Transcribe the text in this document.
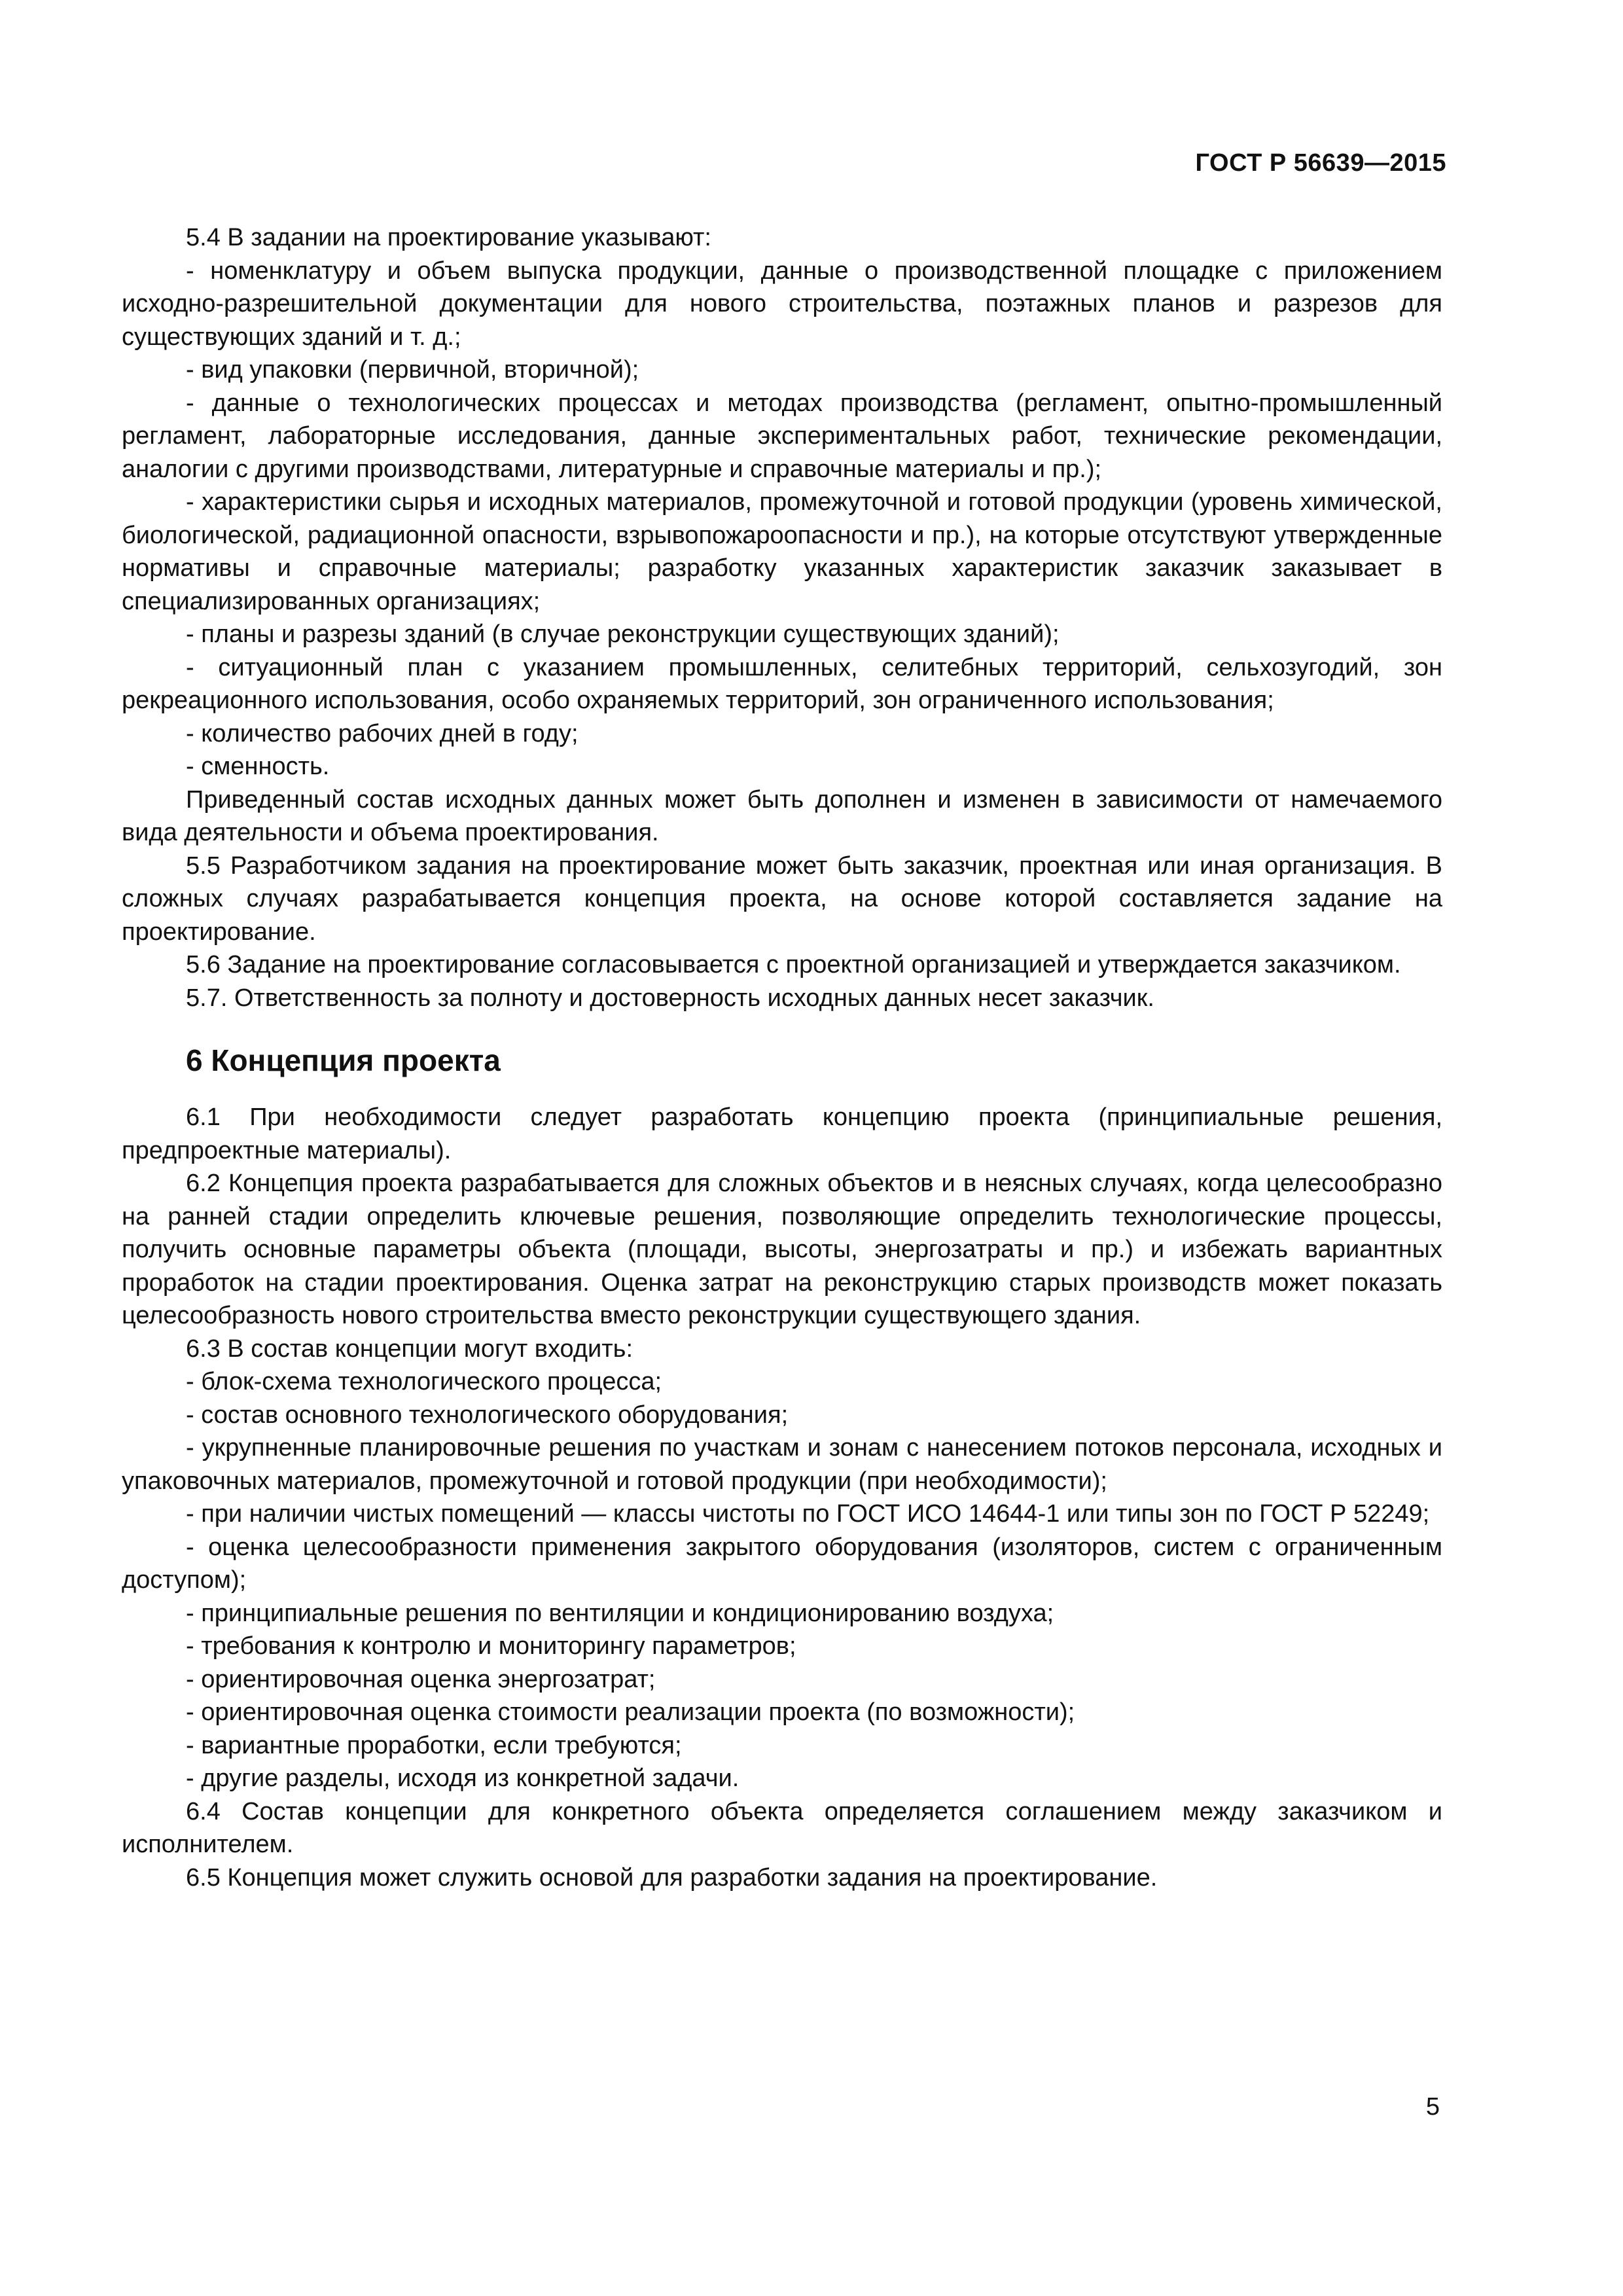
ГОСТ Р 56639—2015

5.4 В задании на проектирование указывают:

- номенклатуру и объем выпуска продукции, данные о производственной площадке с приложением исходно-разрешительной документации для нового строительства, поэтажных планов и разрезов для существующих зданий и т. д.;

- вид упаковки (первичной, вторичной);

- данные о технологических процессах и методах производства (регламент, опытно-промышленный регламент, лабораторные исследования, данные экспериментальных работ, технические рекомендации, аналогии с другими производствами, литературные и справочные материалы и пр.);

- характеристики сырья и исходных материалов, промежуточной и готовой продукции (уровень химической, биологической, радиационной опасности, взрывопожароопасности и пр.), на которые отсутствуют утвержденные нормативы и справочные материалы; разработку указанных характеристик заказчик заказывает в специализированных организациях;

- планы и разрезы зданий (в случае реконструкции существующих зданий);

- ситуационный план с указанием промышленных, селитебных территорий, сельхозугодий, зон рекреационного использования, особо охраняемых территорий, зон ограниченного использования;

- количество рабочих дней в году;

- сменность.

Приведенный состав исходных данных может быть дополнен и изменен в зависимости от намечаемого вида деятельности и объема проектирования.

5.5 Разработчиком задания на проектирование может быть заказчик, проектная или иная организация. В сложных случаях разрабатывается концепция проекта, на основе которой составляется задание на проектирование.

5.6 Задание на проектирование согласовывается с проектной организацией и утверждается заказчиком.

5.7. Ответственность за полноту и достоверность исходных данных несет заказчик.

6 Концепция проекта

6.1 При необходимости следует разработать концепцию проекта (принципиальные решения, предпроектные материалы).

6.2 Концепция проекта разрабатывается для сложных объектов и в неясных случаях, когда целесообразно на ранней стадии определить ключевые решения, позволяющие определить технологические процессы, получить основные параметры объекта (площади, высоты, энергозатраты и пр.) и избежать вариантных проработок на стадии проектирования. Оценка затрат на реконструкцию старых производств может показать целесообразность нового строительства вместо реконструкции существующего здания.

6.3 В состав концепции могут входить:

- блок-схема технологического процесса;

- состав основного технологического оборудования;

- укрупненные планировочные решения по участкам и зонам с нанесением потоков персонала, исходных и упаковочных материалов, промежуточной и готовой продукции (при необходимости);

- при наличии чистых помещений — классы чистоты по ГОСТ ИСО 14644-1 или типы зон по ГОСТ Р 52249;

- оценка целесообразности применения закрытого оборудования (изоляторов, систем с ограниченным доступом);

- принципиальные решения по вентиляции и кондиционированию воздуха;

- требования к контролю и мониторингу параметров;

- ориентировочная оценка энергозатрат;

- ориентировочная оценка стоимости реализации проекта (по возможности);

- вариантные проработки, если требуются;

- другие разделы, исходя из конкретной задачи.

6.4 Состав концепции для конкретного объекта определяется соглашением между заказчиком и исполнителем.

6.5 Концепция может служить основой для разработки задания на проектирование.

5
